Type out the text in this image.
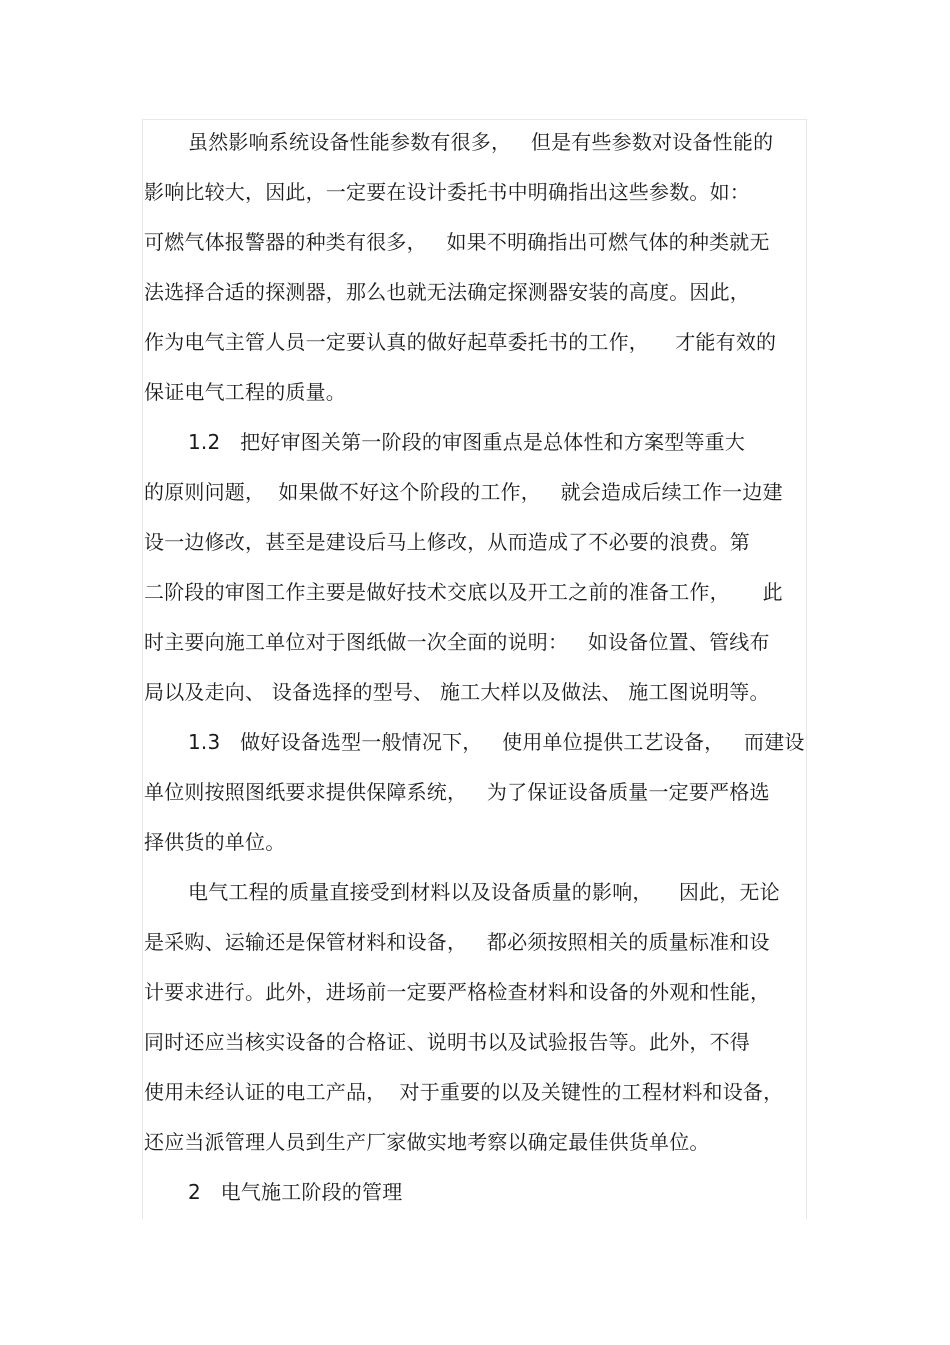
虽然影响系统设备性能参数有很多，   但是有些参数对设备性能的
影响比较大，因此，一定要在设计委托书中明确指出这些参数。如：
可燃气体报警器的种类有很多，   如果不明确指出可燃气体的种类就无
法选择合适的探测器，那么也就无法确定探测器安装的高度。因此，
作为电气主管人员一定要认真的做好起草委托书的工作，    才能有效的
保证电气工程的质量。
1.2   把好审图关第一阶段的审图重点是总体性和方案型等重大
的原则问题，  如果做不好这个阶段的工作，   就会造成后续工作一边建
设一边修改，甚至是建设后马上修改，从而造成了不必要的浪费。第
二阶段的审图工作主要是做好技术交底以及开工之前的准备工作，     此
时主要向施工单位对于图纸做一次全面的说明：   如设备位置、管线布
局以及走向、 设备选择的型号、 施工大样以及做法、 施工图说明等。
1.3   做好设备选型一般情况下，   使用单位提供工艺设备，   而建设
单位则按照图纸要求提供保障系统，   为了保证设备质量一定要严格选
择供货的单位。
电气工程的质量直接受到材料以及设备质量的影响，    因此，无论
是采购、运输还是保管材料和设备，   都必须按照相关的质量标准和设
计要求进行。此外，进场前一定要严格检查材料和设备的外观和性能，
同时还应当核实设备的合格证、说明书以及试验报告等。此外，不得
使用未经认证的电工产品，  对于重要的以及关键性的工程材料和设备，
还应当派管理人员到生产厂家做实地考察以确定最佳供货单位。
2   电气施工阶段的管理
